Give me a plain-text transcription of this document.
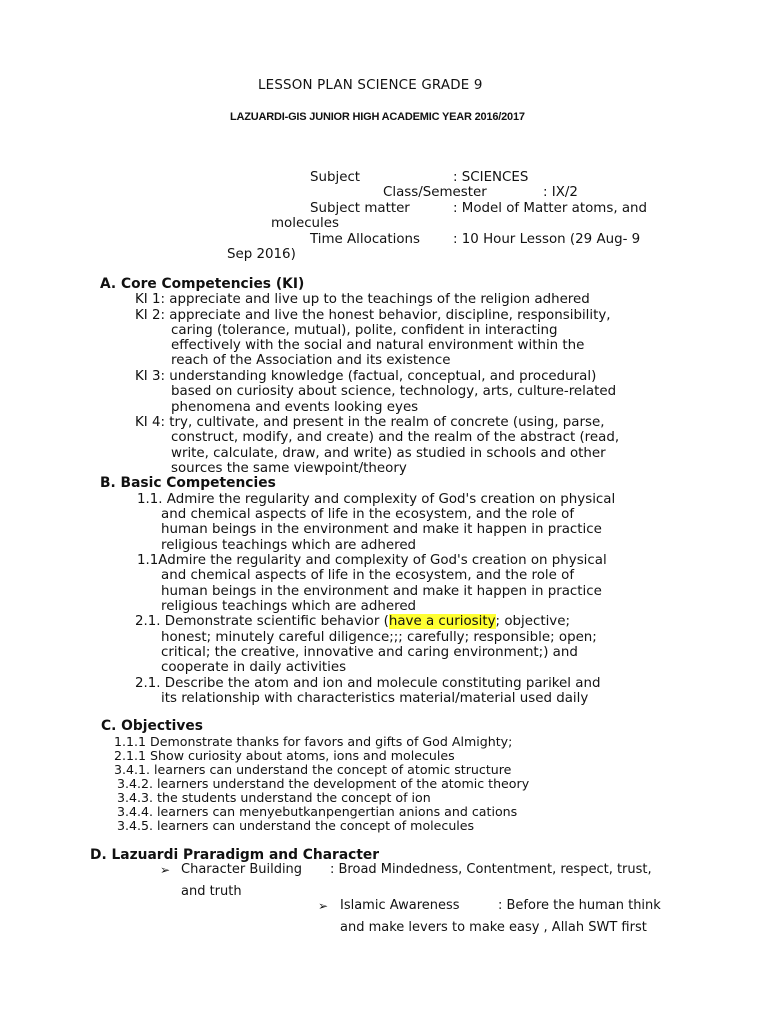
LESSON PLAN SCIENCE GRADE 9
LAZUARDI-GIS JUNIOR HIGH ACADEMIC YEAR 2016/2017
Subject	: SCIENCES
Class/Semester	: IX/2
Subject matter	: Model of Matter atoms, and
molecules
Time Allocations : 10 Hour Lesson (29 Aug- 9
Sep 2016)
A. Core Competencies (KI)
KI 1: appreciate and live up to the teachings of the religion adhered
KI 2: appreciate and live the honest behavior, discipline, responsibility,
caring (tolerance, mutual), polite, confident in interacting
effectively with the social and natural environment within the
reach of the Association and its existence
KI 3: understanding knowledge (factual, conceptual, and procedural)
based on curiosity about science, technology, arts, culture-related
phenomena and events looking eyes
KI 4: try, cultivate, and present in the realm of concrete (using, parse,
construct, modify, and create) and the realm of the abstract (read,
write, calculate, draw, and write) as studied in schools and other
sources the same viewpoint/theory
B. Basic Competencies
1.1. Admire the regularity and complexity of God's creation on physical
and chemical aspects of life in the ecosystem, and the role of
human beings in the environment and make it happen in practice
religious teachings which are adhered
1.1Admire the regularity and complexity of God's creation on physical
and chemical aspects of life in the ecosystem, and the role of
human beings in the environment and make it happen in practice
religious teachings which are adhered
2.1. Demonstrate scientific behavior (have a curiosity; objective;
honest; minutely careful diligence;;; carefully; responsible; open;
critical; the creative, innovative and caring environment;) and
cooperate in daily activities
2.1. Describe the atom and ion and molecule constituting parikel and
its relationship with characteristics material/material used daily
C. Objectives
1.1.1 Demonstrate thanks for favors and gifts of God Almighty;
2.1.1 Show curiosity about atoms, ions and molecules
3.4.1. learners can understand the concept of atomic structure
3.4.2. learners understand the development of the atomic theory
3.4.3. the students understand the concept of ion
3.4.4. learners can menyebutkanpengertian anions and cations
3.4.5. learners can understand the concept of molecules
D. Lazuardi Praradigm and Character
➢ Character Building : Broad Mindedness, Contentment, respect, trust,
and truth
➢ Islamic Awareness	: Before the human think
and make levers to make easy , Allah SWT first
